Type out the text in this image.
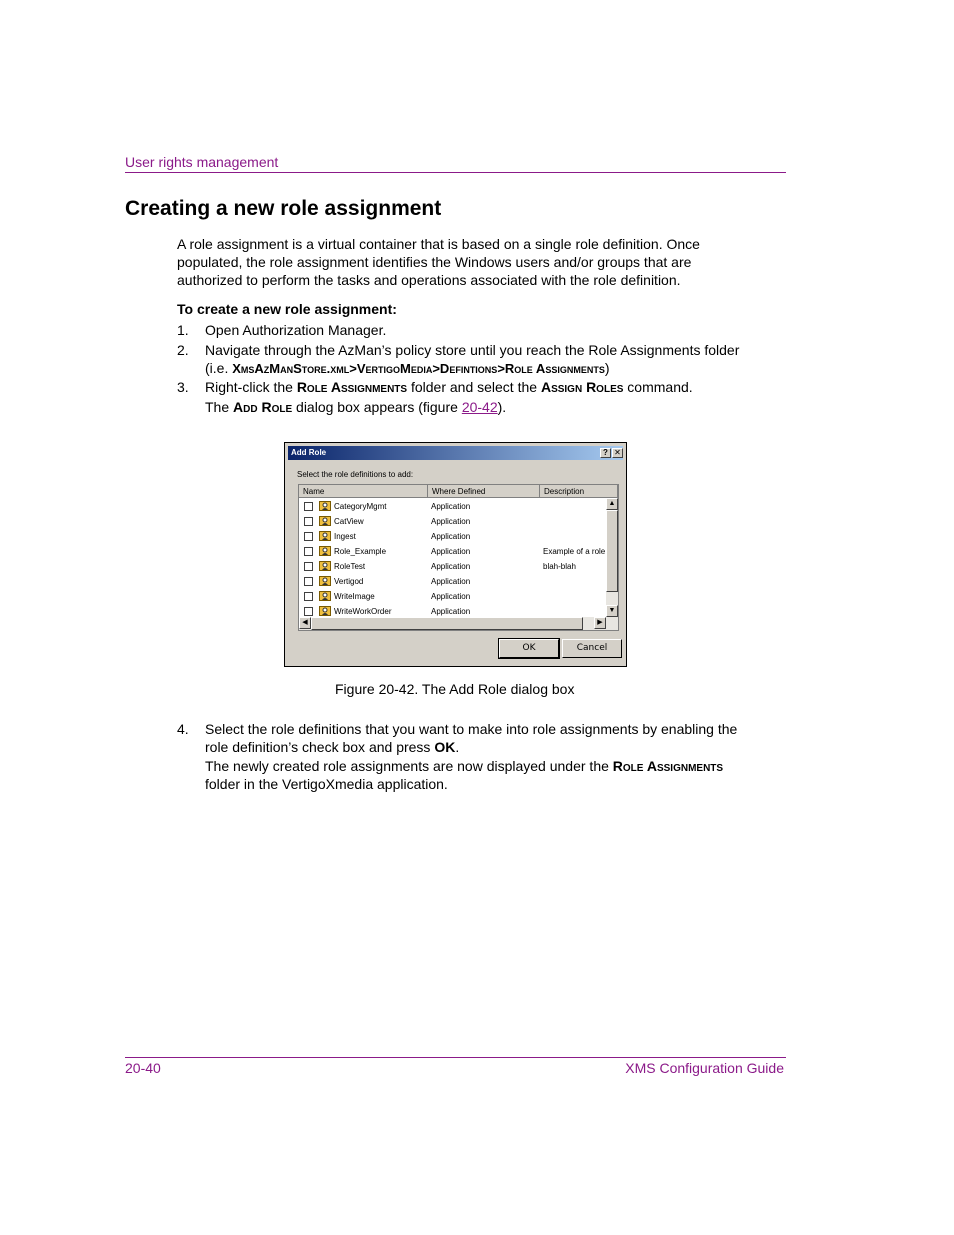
User rights management
Creating a new role assignment
A role assignment is a virtual container that is based on a single role definition. Once populated, the role assignment identifies the Windows users and/or groups that are authorized to perform the tasks and operations associated with the role definition.
To create a new role assignment:
1. Open Authorization Manager.
2. Navigate through the AzMan’s policy store until you reach the Role Assignments folder (i.e. XmsAzManStore.xml>VertigoMedia>Defintions>Role Assignments)
3. Right-click the Role Assignments folder and select the Assign Roles command.
The Add Role dialog box appears (figure 20-42).
Add Role	? ✕
Select the role definitions to add:
Name	Where Defined	Description
CategoryMgmt	Application
CatView	Application
Ingest	Application
Role_Example	Application	Example of a role
RoleTest	Application	blah-blah
Vertigod	Application
WriteImage	Application
WriteWorkOrder	Application
▲
▼
◀	▶
OK	Cancel
Figure 20-42. The Add Role dialog box
4. Select the role definitions that you want to make into role assignments by enabling the role definition’s check box and press OK.
The newly created role assignments are now displayed under the Role Assignments folder in the VertigoXmedia application.
20-40	XMS Configuration Guide
